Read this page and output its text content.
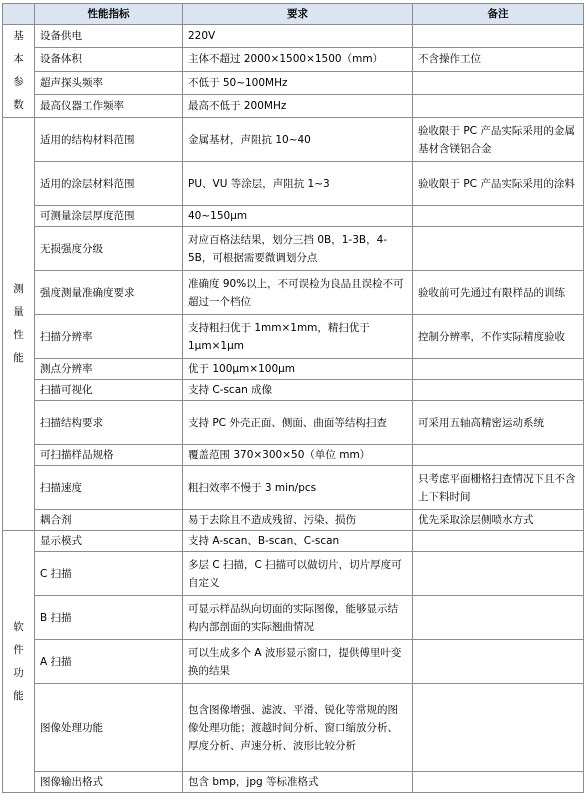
	性能指标	要求	备注

基
本
参
数	设备供电	220V	
	设备体积	主体不超过 2000×1500×1500（mm）	不含操作工位
	超声探头频率	不低于 50~100MHz	
	最高仪器工作频率	最高不低于 200MHz	

测
量
性
能	适用的结构材料范围	金属基材，声阻抗 10~40	验收限于 PC 产品实际采用的金属基材含镁铝合金
	适用的涂层材料范围	PU、VU 等涂层，声阻抗 1~3	验收限于 PC 产品实际采用的涂料
	可测量涂层厚度范围	40~150μm	
	无损强度分级	对应百格法结果，划分三挡 0B，1-3B，4-5B，可根据需要微调划分点	
	强度测量准确度要求	准确度 90%以上，不可误检为良品且误检不可超过一个档位	验收前可先通过有限样品的训练
	扫描分辨率	支持粗扫优于 1mm×1mm，精扫优于 1μm×1μm	控制分辨率，不作实际精度验收
	测点分辨率	优于 100μm×100μm	
	扫描可视化	支持 C-scan 成像	
	扫描结构要求	支持 PC 外壳正面、侧面、曲面等结构扫查	可采用五轴高精密运动系统
	可扫描样品规格	覆盖范围 370×300×50（单位 mm）	
	扫描速度	粗扫效率不慢于 3 min/pcs	只考虑平面栅格扫查情况下且不含上下料时间
	耦合剂	易于去除且不造成残留、污染、损伤	优先采取涂层侧喷水方式

软
件
功
能	显示模式	支持 A-scan、B-scan、C-scan	
	C 扫描	多层 C 扫描，C 扫描可以做切片，切片厚度可自定义	
	B 扫描	可显示样品纵向切面的实际图像，能够显示结构内部剖面的实际翘曲情况	
	A 扫描	可以生成多个 A 波形显示窗口，提供傅里叶变换的结果	
	图像处理功能	包含图像增强、滤波、平滑、锐化等常规的图像处理功能；渡越时间分析、窗口缩放分析、厚度分析、声速分析、波形比较分析	
	图像输出格式	包含 bmp，jpg 等标准格式	
